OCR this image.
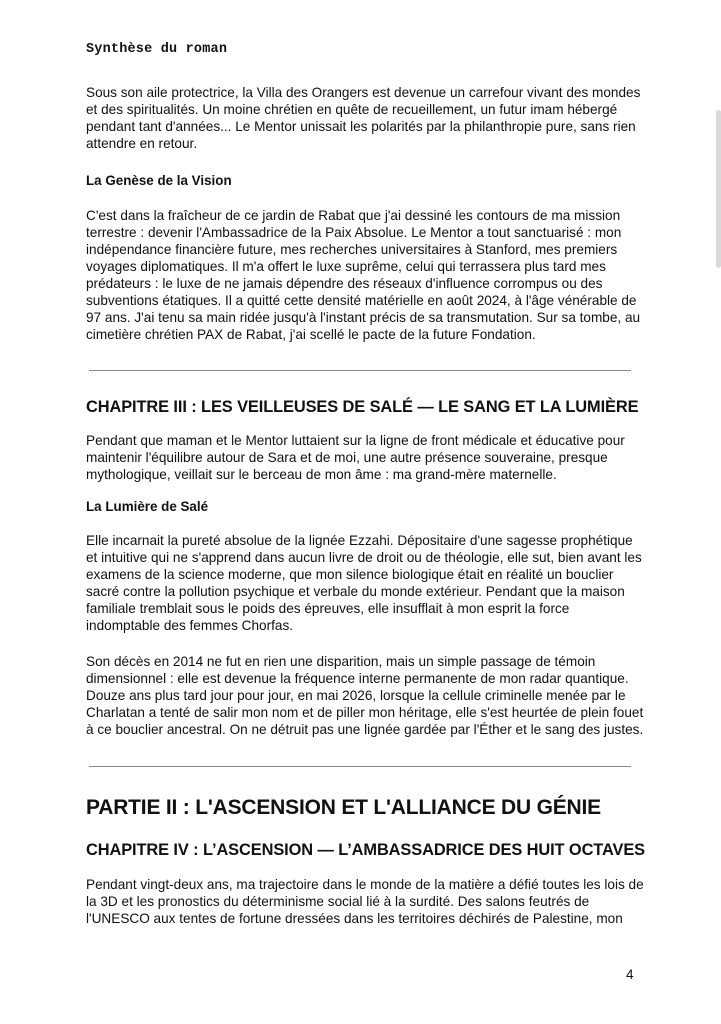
Synthèse du roman

Sous son aile protectrice, la Villa des Orangers est devenue un carrefour vivant des mondes et des spiritualités. Un moine chrétien en quête de recueillement, un futur imam hébergé pendant tant d'années... Le Mentor unissait les polarités par la philanthropie pure, sans rien attendre en retour.

La Genèse de la Vision

C'est dans la fraîcheur de ce jardin de Rabat que j'ai dessiné les contours de ma mission terrestre : devenir l'Ambassadrice de la Paix Absolue. Le Mentor a tout sanctuarisé : mon indépendance financière future, mes recherches universitaires à Stanford, mes premiers voyages diplomatiques. Il m'a offert le luxe suprême, celui qui terrassera plus tard mes prédateurs : le luxe de ne jamais dépendre des réseaux d'influence corrompus ou des subventions étatiques. Il a quitté cette densité matérielle en août 2024, à l'âge vénérable de 97 ans. J'ai tenu sa main ridée jusqu'à l'instant précis de sa transmutation. Sur sa tombe, au cimetière chrétien PAX de Rabat, j'ai scellé le pacte de la future Fondation.

CHAPITRE III : LES VEILLEUSES DE SALÉ — LE SANG ET LA LUMIÈRE

Pendant que maman et le Mentor luttaient sur la ligne de front médicale et éducative pour maintenir l'équilibre autour de Sara et de moi, une autre présence souveraine, presque mythologique, veillait sur le berceau de mon âme : ma grand-mère maternelle.

La Lumière de Salé

Elle incarnait la pureté absolue de la lignée Ezzahi. Dépositaire d'une sagesse prophétique et intuitive qui ne s'apprend dans aucun livre de droit ou de théologie, elle sut, bien avant les examens de la science moderne, que mon silence biologique était en réalité un bouclier sacré contre la pollution psychique et verbale du monde extérieur. Pendant que la maison familiale tremblait sous le poids des épreuves, elle insufflait à mon esprit la force indomptable des femmes Chorfas.

Son décès en 2014 ne fut en rien une disparition, mais un simple passage de témoin dimensionnel : elle est devenue la fréquence interne permanente de mon radar quantique. Douze ans plus tard jour pour jour, en mai 2026, lorsque la cellule criminelle menée par le Charlatan a tenté de salir mon nom et de piller mon héritage, elle s'est heurtée de plein fouet à ce bouclier ancestral. On ne détruit pas une lignée gardée par l'Éther et le sang des justes.

PARTIE II : L'ASCENSION ET L'ALLIANCE DU GÉNIE
CHAPITRE IV : L’ASCENSION — L’AMBASSADRICE DES HUIT OCTAVES

Pendant vingt-deux ans, ma trajectoire dans le monde de la matière a défié toutes les lois de la 3D et les pronostics du déterminisme social lié à la surdité. Des salons feutrés de l'UNESCO aux tentes de fortune dressées dans les territoires déchirés de Palestine, mon

4
